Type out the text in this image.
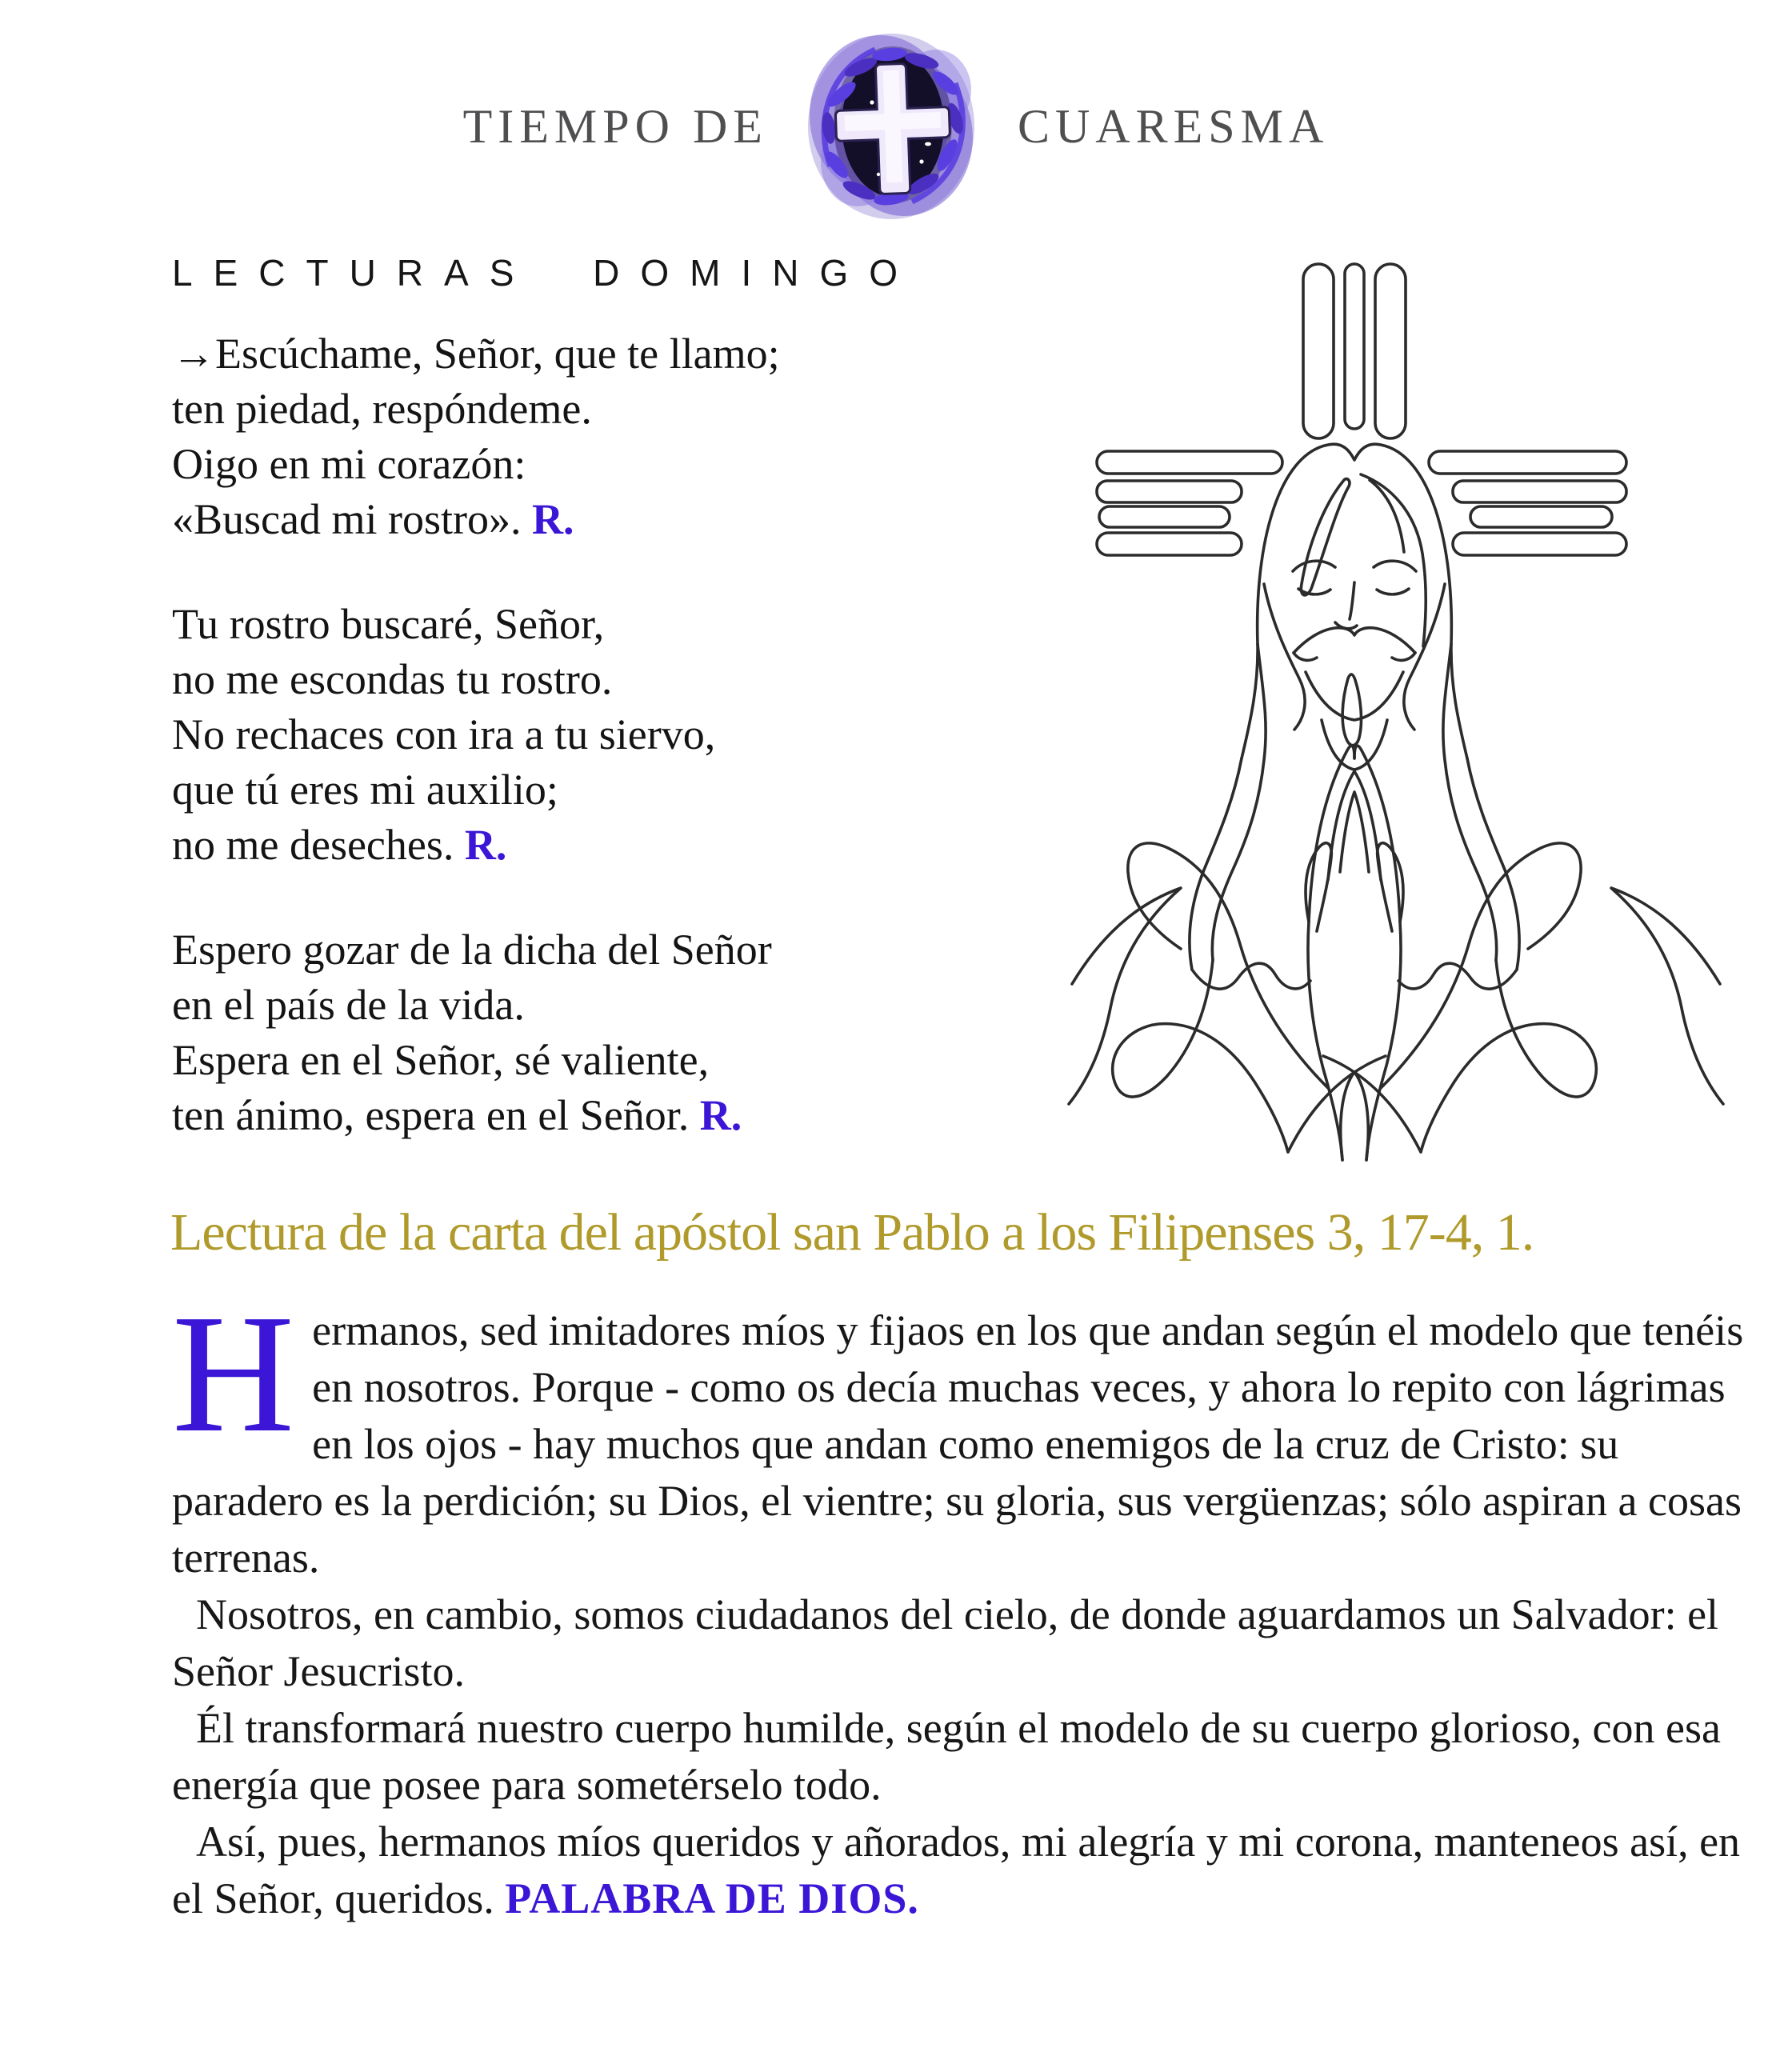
TIEMPO DE	CUARESMA
LECTURAS DOMINGO

→Escúchame, Señor, que te llamo;
ten piedad, respóndeme.
Oigo en mi corazón:
«Buscad mi rostro». R.

Tu rostro buscaré, Señor,
no me escondas tu rostro.
No rechaces con ira a tu siervo,
que tú eres mi auxilio;
no me deseches. R.

Espero gozar de la dicha del Señor
en el país de la vida.
Espera en el Señor, sé valiente,
ten ánimo, espera en el Señor. R.

Lectura de la carta del apóstol san Pablo a los Filipenses 3, 17-4, 1.

Hermanos, sed imitadores míos y fijaos en los que andan según el modelo que tenéis en nosotros. Porque - como os decía muchas veces, y ahora lo repito con lágrimas en los ojos - hay muchos que andan como enemigos de la cruz de Cristo: su paradero es la perdición; su Dios, el vientre; su gloria, sus vergüenzas; sólo aspiran a cosas terrenas.

Nosotros, en cambio, somos ciudadanos del cielo, de donde aguardamos un Salvador: el Señor Jesucristo.

Él transformará nuestro cuerpo humilde, según el modelo de su cuerpo glorioso, con esa energía que posee para sometérselo todo.

Así, pues, hermanos míos queridos y añorados, mi alegría y mi corona, manteneos así, en el Señor, queridos. PALABRA DE DIOS.
